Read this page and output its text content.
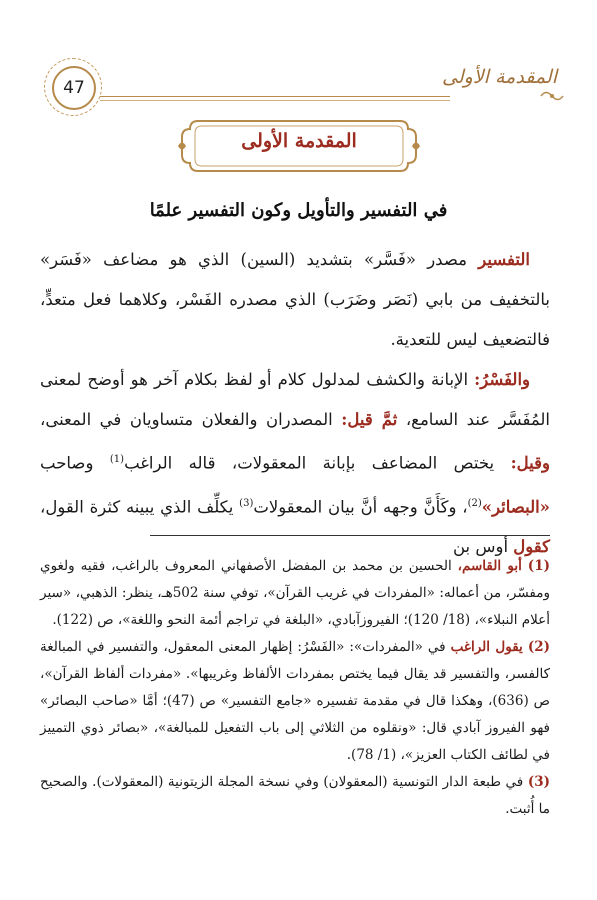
47	المقدمة الأولى
المقدمة الأولى
في التفسير والتأويل وكون التفسير علمًا

التفسير مصدر «فَسَّر» بتشديد (السين) الذي هو مضاعف «فَسَر» بالتخفيف من بابي (نَصَر وضَرَب) الذي مصدره الفَسْر، وكلاهما فعل متعدٍّ، فالتضعيف ليس للتعدية.

والفَسْرُ: الإبانة والكشف لمدلول كلام أو لفظ بكلام آخر هو أوضح لمعنى المُفَسَّر عند السامع، ثمَّ قيل: المصدران والفعلان متساويان في المعنى، وقيل: يختص المضاعف بإبانة المعقولات، قاله الراغب$^{(1)}$ وصاحب «البصائر»$^{(2)}$، وكَأَنَّ وجهه أنَّ بيان المعقولات$^{(3)}$ يكلِّف الذي يبينه كثرة القول، كقول أوس بن

(1) أبو القاسم، الحسين بن محمد بن المفضل الأصفهاني المعروف بالراغب، فقيه ولغوي ومفسّر، من أعماله: «المفردات في غريب القرآن»، توفي سنة 502هـ، ينظر: الذهبي، «سير أعلام النبلاء»، (18/ 120)؛ الفيروزآبادي، «البلغة في تراجم أئمة النحو واللغة»، ص (122).

(2) يقول الراغب في «المفردات»: «الفَسْرُ: إظهار المعنى المعقول، والتفسير في المبالغة كالفسر، والتفسير قد يقال فيما يختص بمفردات الألفاظ وغريبها». «مفردات ألفاظ القرآن»، ص (636)، وهكذا قال في مقدمة تفسيره «جامع التفسير» ص (47)؛ أمَّا «صاحب البصائر» فهو الفيروز آبادي قال: «ونقلوه من الثلاثي إلى باب التفعيل للمبالغة»، «بصائر ذوي التمييز في لطائف الكتاب العزيز»، (1/ 78).

(3) في طبعة الدار التونسية (المعقولان) وفي نسخة المجلة الزيتونية (المعقولات). والصحيح ما أُثبت.
